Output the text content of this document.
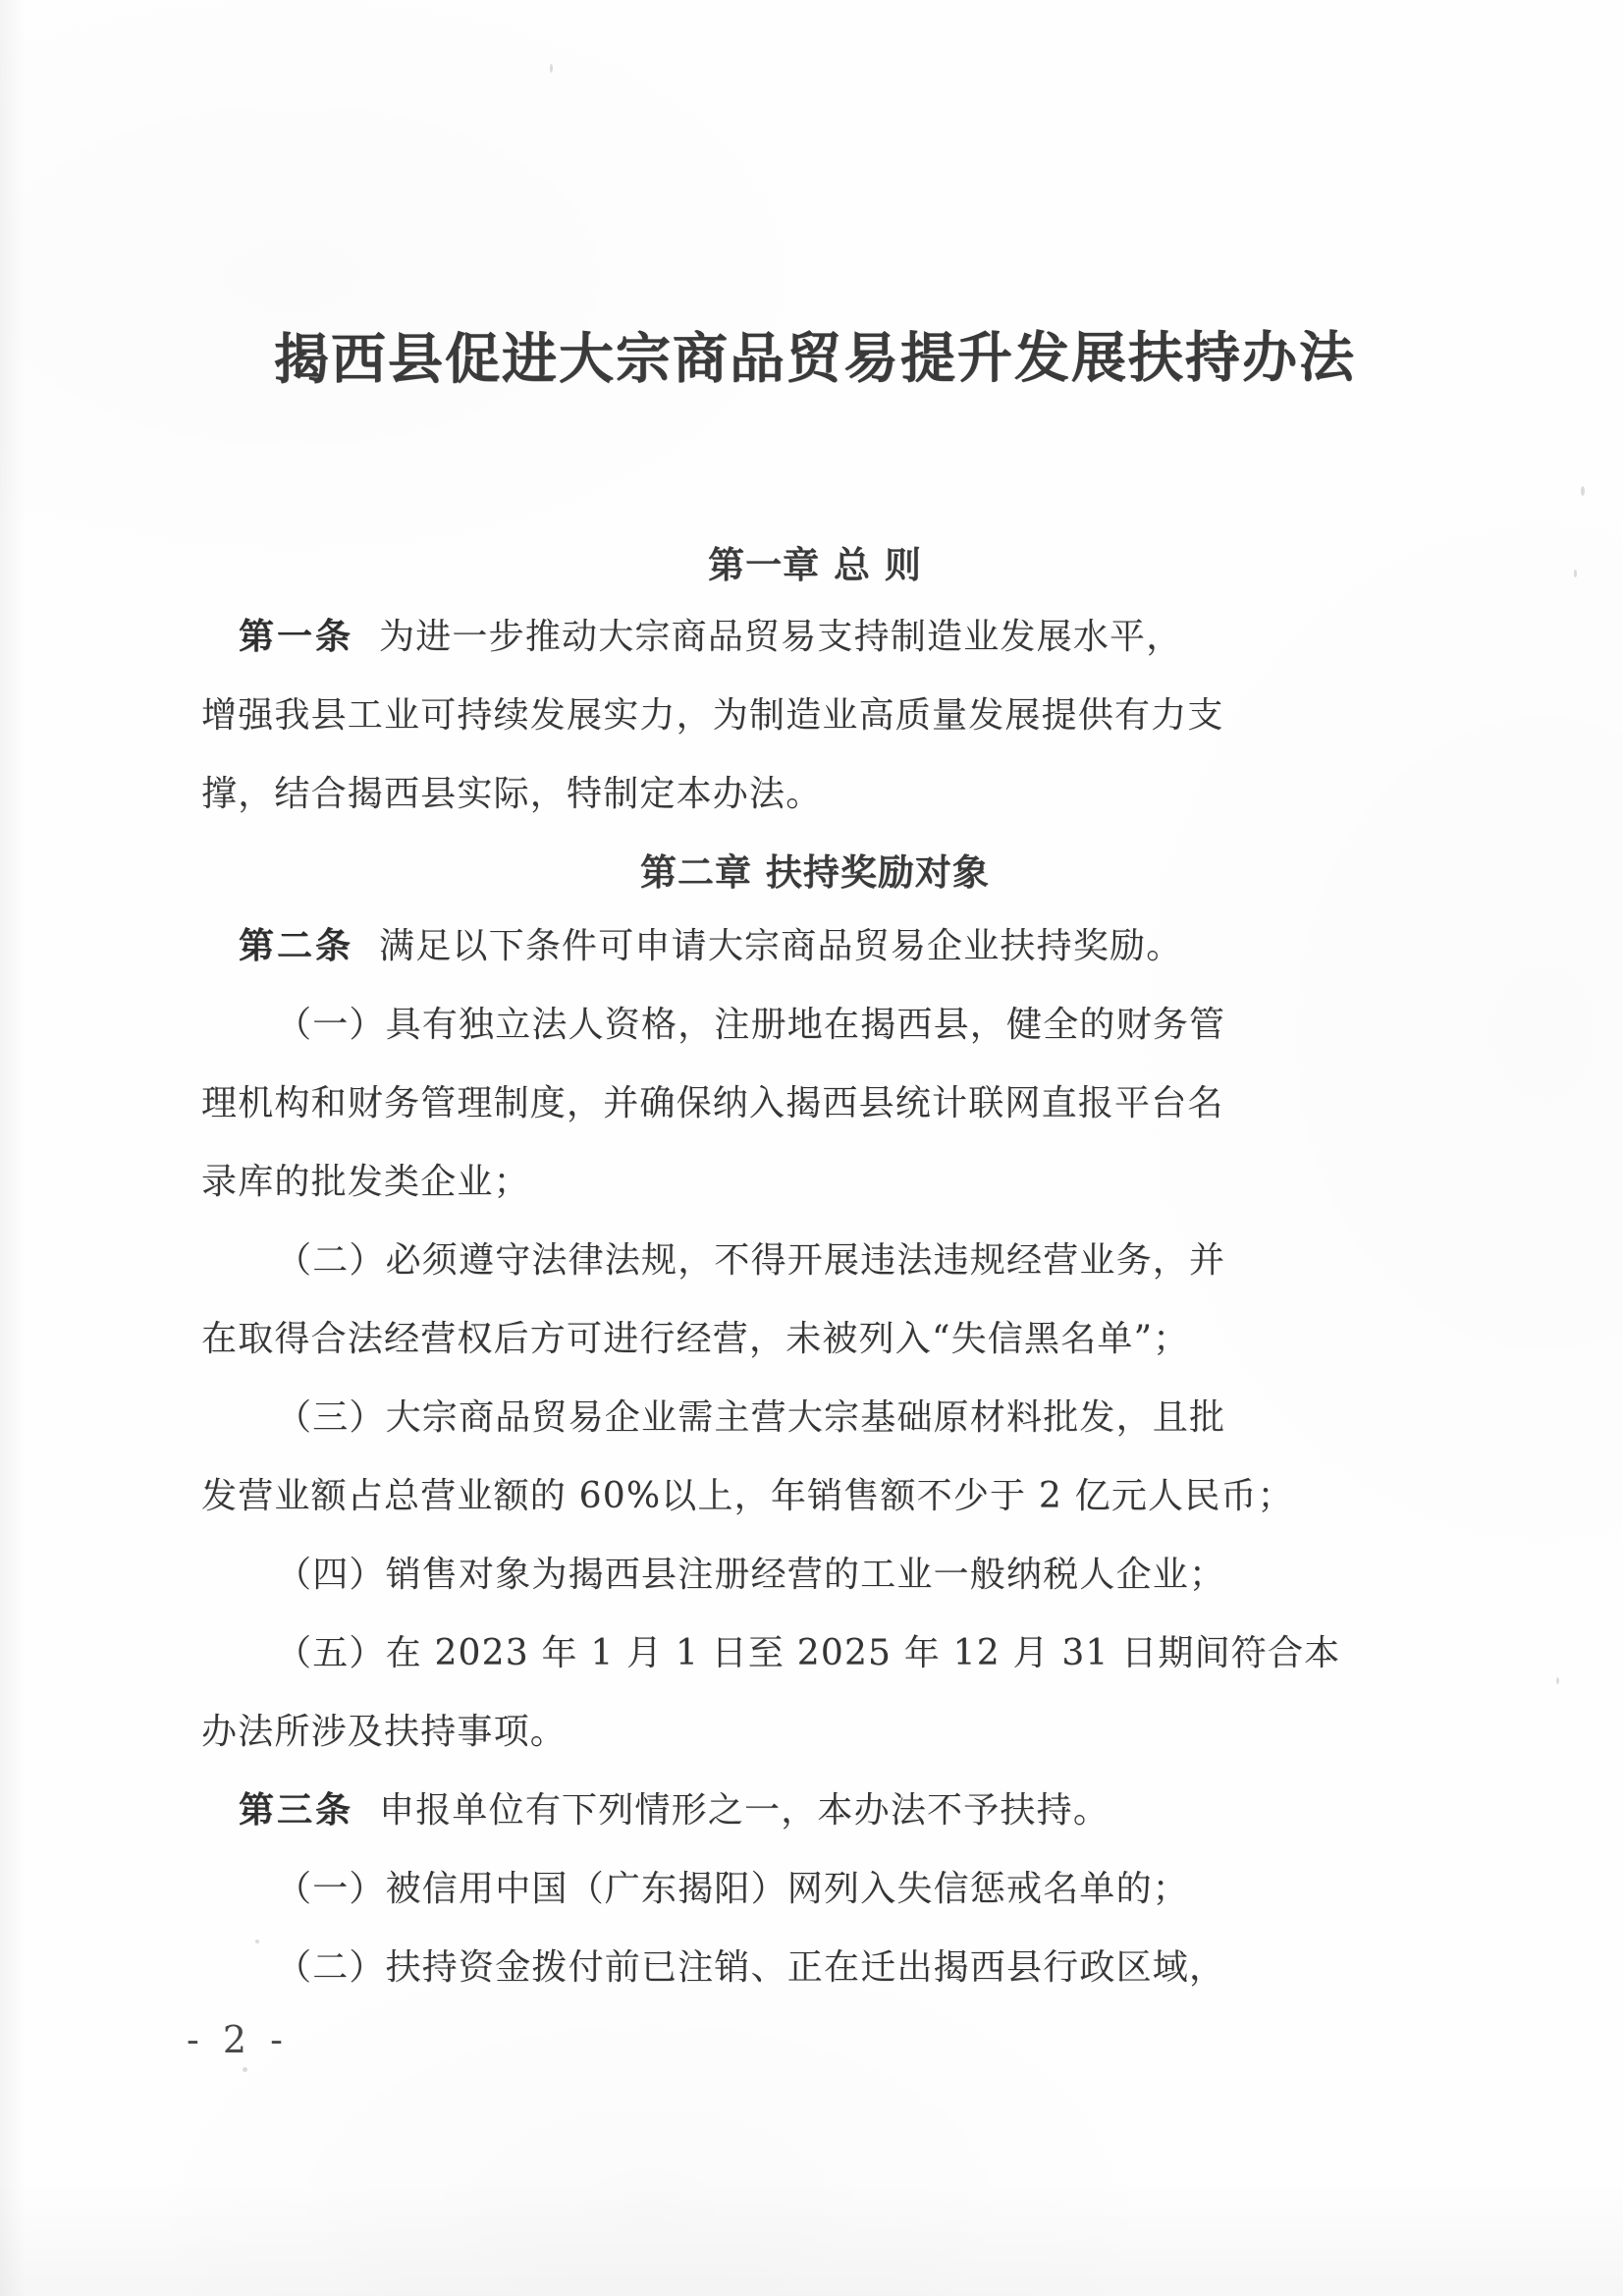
揭西县促进大宗商品贸易提升发展扶持办法
第一章 总 则
第一条 为进一步推动大宗商品贸易支持制造业发展水平，
增强我县工业可持续发展实力，为制造业高质量发展提供有力支
撑，结合揭西县实际，特制定本办法。
第二章 扶持奖励对象
第二条 满足以下条件可申请大宗商品贸易企业扶持奖励。
（一）具有独立法人资格，注册地在揭西县，健全的财务管
理机构和财务管理制度，并确保纳入揭西县统计联网直报平台名
录库的批发类企业；
（二）必须遵守法律法规，不得开展违法违规经营业务，并
在取得合法经营权后方可进行经营，未被列入“失信黑名单”；
（三）大宗商品贸易企业需主营大宗基础原材料批发，且批
发营业额占总营业额的 60%以上，年销售额不少于 2 亿元人民币；
（四）销售对象为揭西县注册经营的工业一般纳税人企业；
（五）在 2023 年 1 月 1 日至 2025 年 12 月 31 日期间符合本
办法所涉及扶持事项。
第三条 申报单位有下列情形之一，本办法不予扶持。
（一）被信用中国（广东揭阳）网列入失信惩戒名单的；
（二）扶持资金拨付前已注销、正在迁出揭西县行政区域，
- 2 -
